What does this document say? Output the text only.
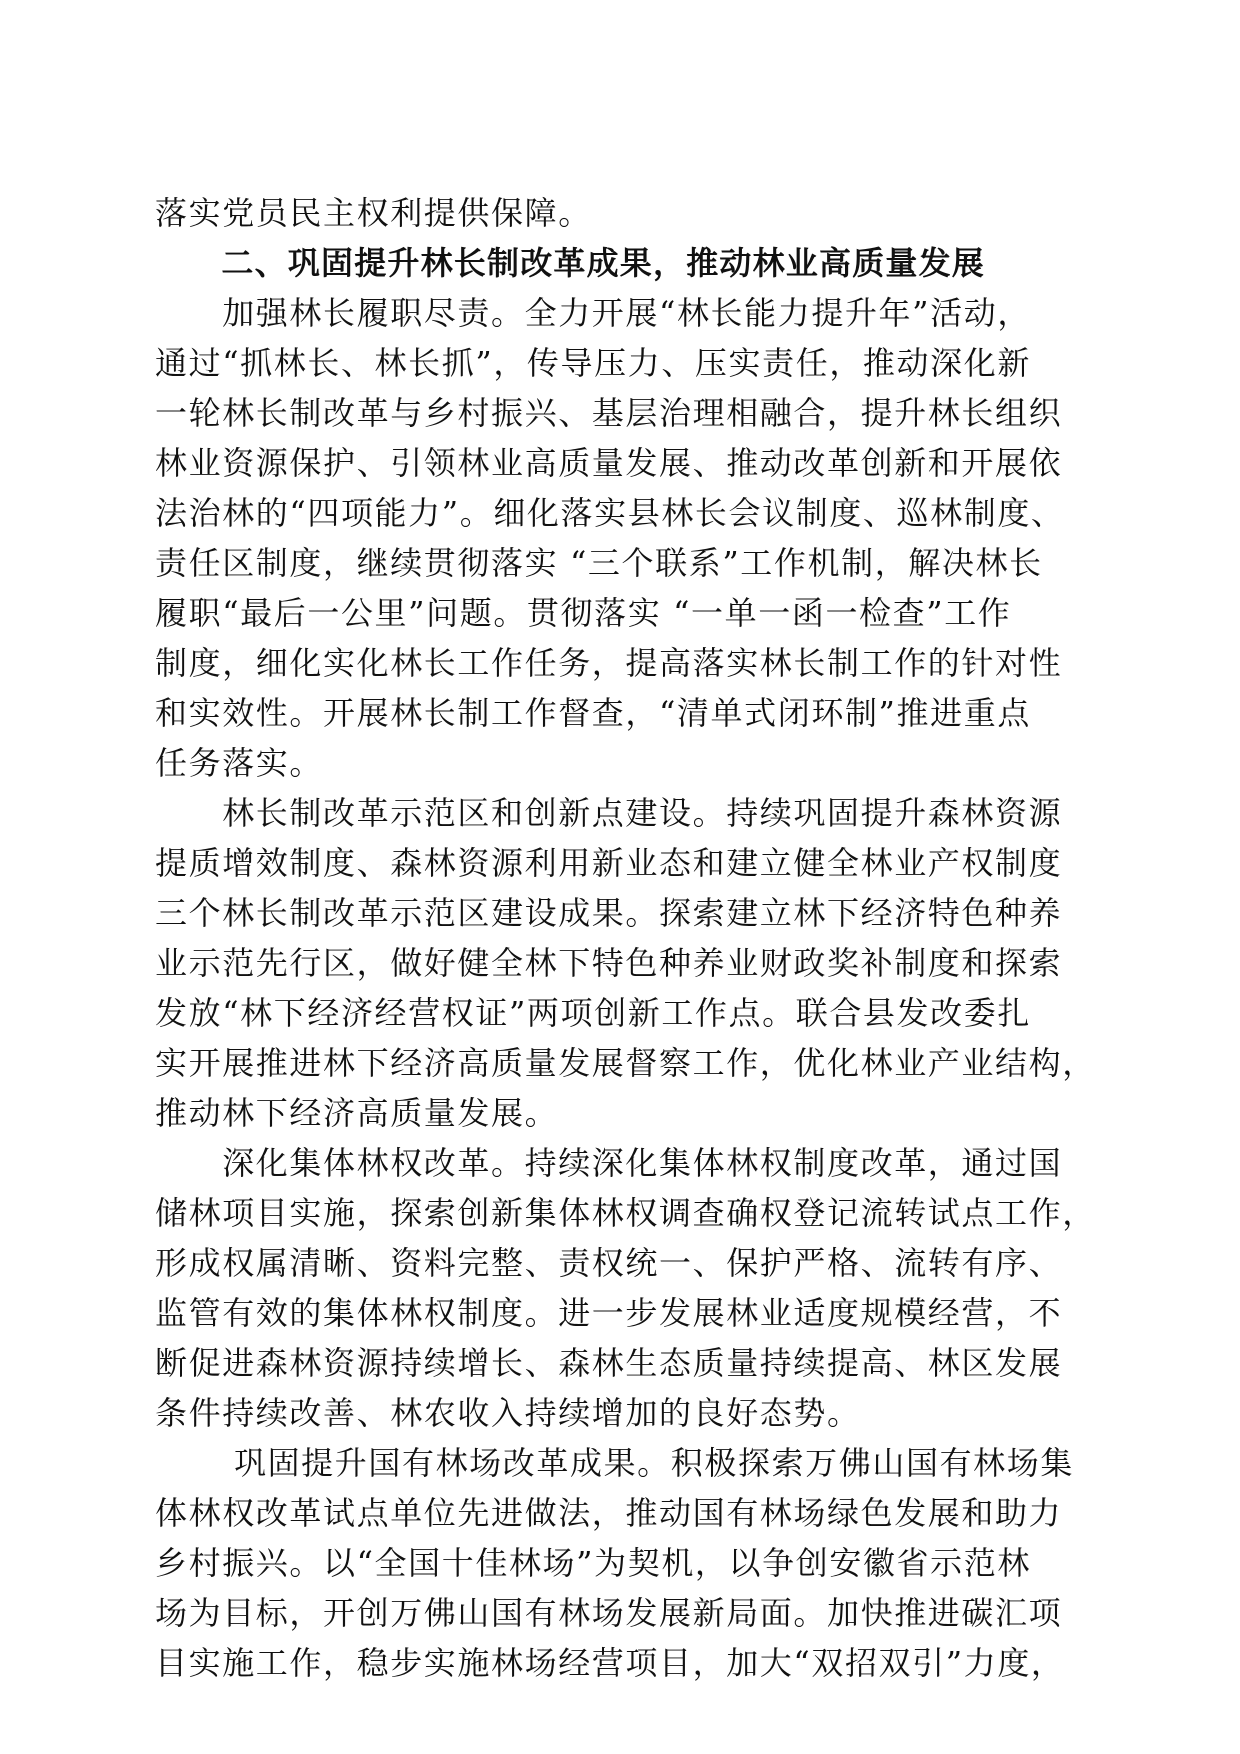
落实党员民主权利提供保障。
　　二、巩固提升林长制改革成果，推动林业高质量发展
　　加强林长履职尽责。全力开展“林长能力提升年”活动，
通过“抓林长、林长抓”，传导压力、压实责任，推动深化新
一轮林长制改革与乡村振兴、基层治理相融合，提升林长组织
林业资源保护、引领林业高质量发展、推动改革创新和开展依
法治林的“四项能力”。细化落实县林长会议制度、巡林制度、
责任区制度，继续贯彻落实 “三个联系”工作机制，解决林长
履职“最后一公里”问题。贯彻落实 “一单一函一检查”工作
制度，细化实化林长工作任务，提高落实林长制工作的针对性
和实效性。开展林长制工作督查，“清单式闭环制”推进重点
任务落实。
　　林长制改革示范区和创新点建设。持续巩固提升森林资源
提质增效制度、森林资源利用新业态和建立健全林业产权制度
三个林长制改革示范区建设成果。探索建立林下经济特色种养
业示范先行区，做好健全林下特色种养业财政奖补制度和探索
发放“林下经济经营权证”两项创新工作点。联合县发改委扎
实开展推进林下经济高质量发展督察工作，优化林业产业结构，
推动林下经济高质量发展。
　　深化集体林权改革。持续深化集体林权制度改革，通过国
储林项目实施，探索创新集体林权调查确权登记流转试点工作，
形成权属清晰、资料完整、责权统一、保护严格、流转有序、
监管有效的集体林权制度。进一步发展林业适度规模经营，不
断促进森林资源持续增长、森林生态质量持续提高、林区发展
条件持续改善、林农收入持续增加的良好态势。
　　 巩固提升国有林场改革成果。积极探索万佛山国有林场集
体林权改革试点单位先进做法，推动国有林场绿色发展和助力
乡村振兴。以“全国十佳林场”为契机，以争创安徽省示范林
场为目标，开创万佛山国有林场发展新局面。加快推进碳汇项
目实施工作，稳步实施林场经营项目，加大“双招双引”力度，
